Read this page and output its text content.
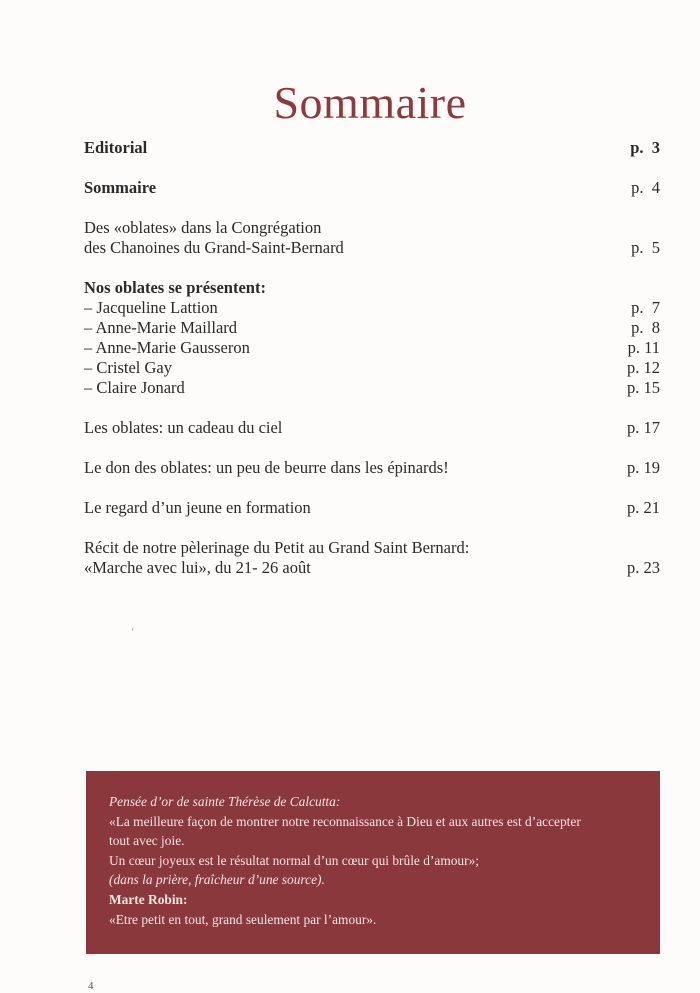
Sommaire
Editorial	p.  3
Sommaire	p.  4
Des «oblates» dans la Congrégation
des Chanoines du Grand-Saint-Bernard	p.  5
Nos oblates se présentent:
– Jacqueline Lattion	p.  7
– Anne-Marie Maillard	p.  8
– Anne-Marie Gausseron	p. 11
– Cristel Gay	p. 12
– Claire Jonard	p. 15
Les oblates: un cadeau du ciel	p. 17
Le don des oblates: un peu de beurre dans les épinards!	p. 19
Le regard d’un jeune en formation	p. 21
Récit de notre pèlerinage du Petit au Grand Saint Bernard:
«Marche avec lui», du 21- 26 août	p. 23
'
Pensée d’or de sainte Thérèse de Calcutta:
«La meilleure façon de montrer notre reconnaissance à Dieu et aux autres est d’accepter
tout avec joie.
Un cœur joyeux est le résultat normal d’un cœur qui brûle d’amour»;
(dans la prière, fraîcheur d’une source).
Marte Robin:
«Etre petit en tout, grand seulement par l’amour».
4
